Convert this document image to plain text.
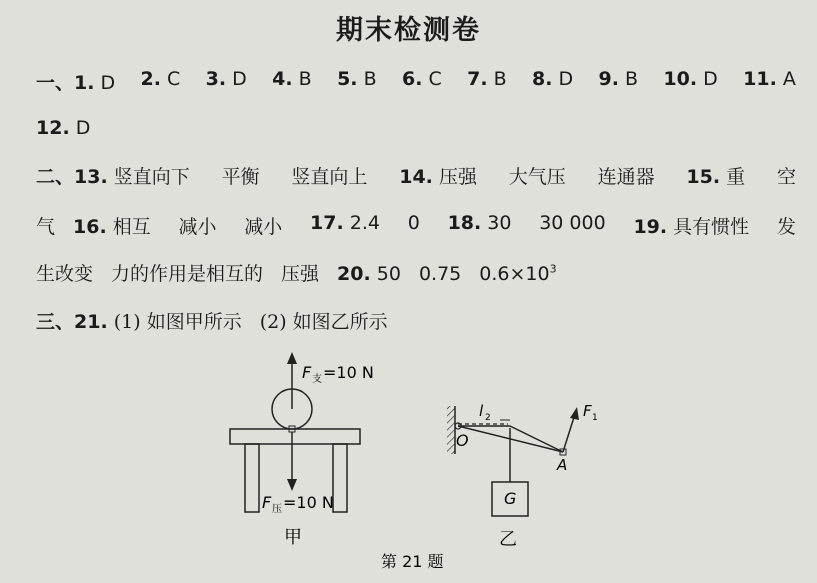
期末检测卷
一、1. D 2. C 3. D 4. B 5. B 6. C 7. B 8. D 9. B 10. D 11. A
12. D
二、13. 竖直向下 平衡 竖直向上 14. 压强 大气压 连通器 15. 重 空
气 16. 相互 减小 减小 17. 2.4 0 18. 30 30 000 19. 具有惯性 发
生改变 力的作用是相互的 压强 20. 50 0.75 $0.6\times 10^3$
三、21. (1) 如图甲所示 (2) 如图乙所示
F 支 =10 N
F 压 =10 N
甲
O
l 2
A
F 1
G
乙
第 21 题
